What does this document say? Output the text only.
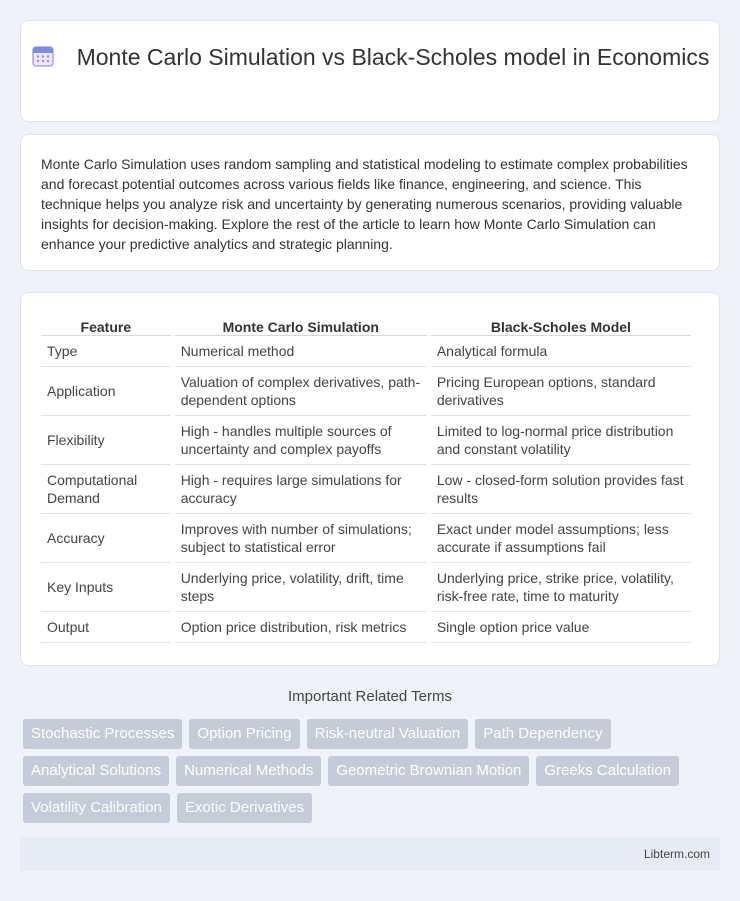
Monte Carlo Simulation vs Black-Scholes model in Economics

Monte Carlo Simulation uses random sampling and statistical modeling to estimate complex probabilities and forecast potential outcomes across various fields like finance, engineering, and science. This technique helps you analyze risk and uncertainty by generating numerous scenarios, providing valuable insights for decision-making. Explore the rest of the article to learn how Monte Carlo Simulation can enhance your predictive analytics and strategic planning.

Feature	Monte Carlo Simulation	Black-Scholes Model
Type	Numerical method	Analytical formula
Application	Valuation of complex derivatives, path-dependent options	Pricing European options, standard derivatives
Flexibility	High - handles multiple sources of uncertainty and complex payoffs	Limited to log-normal price distribution and constant volatility
Computational Demand	High - requires large simulations for accuracy	Low - closed-form solution provides fast results
Accuracy	Improves with number of simulations; subject to statistical error	Exact under model assumptions; less accurate if assumptions fail
Key Inputs	Underlying price, volatility, drift, time steps	Underlying price, strike price, volatility, risk-free rate, time to maturity
Output	Option price distribution, risk metrics	Single option price value
Important Related Terms
Stochastic Processes	Option Pricing	Risk-neutral Valuation	Path Dependency
Analytical Solutions	Numerical Methods	Geometric Brownian Motion	Greeks Calculation
Volatility Calibration	Exotic Derivatives
Libterm.com
